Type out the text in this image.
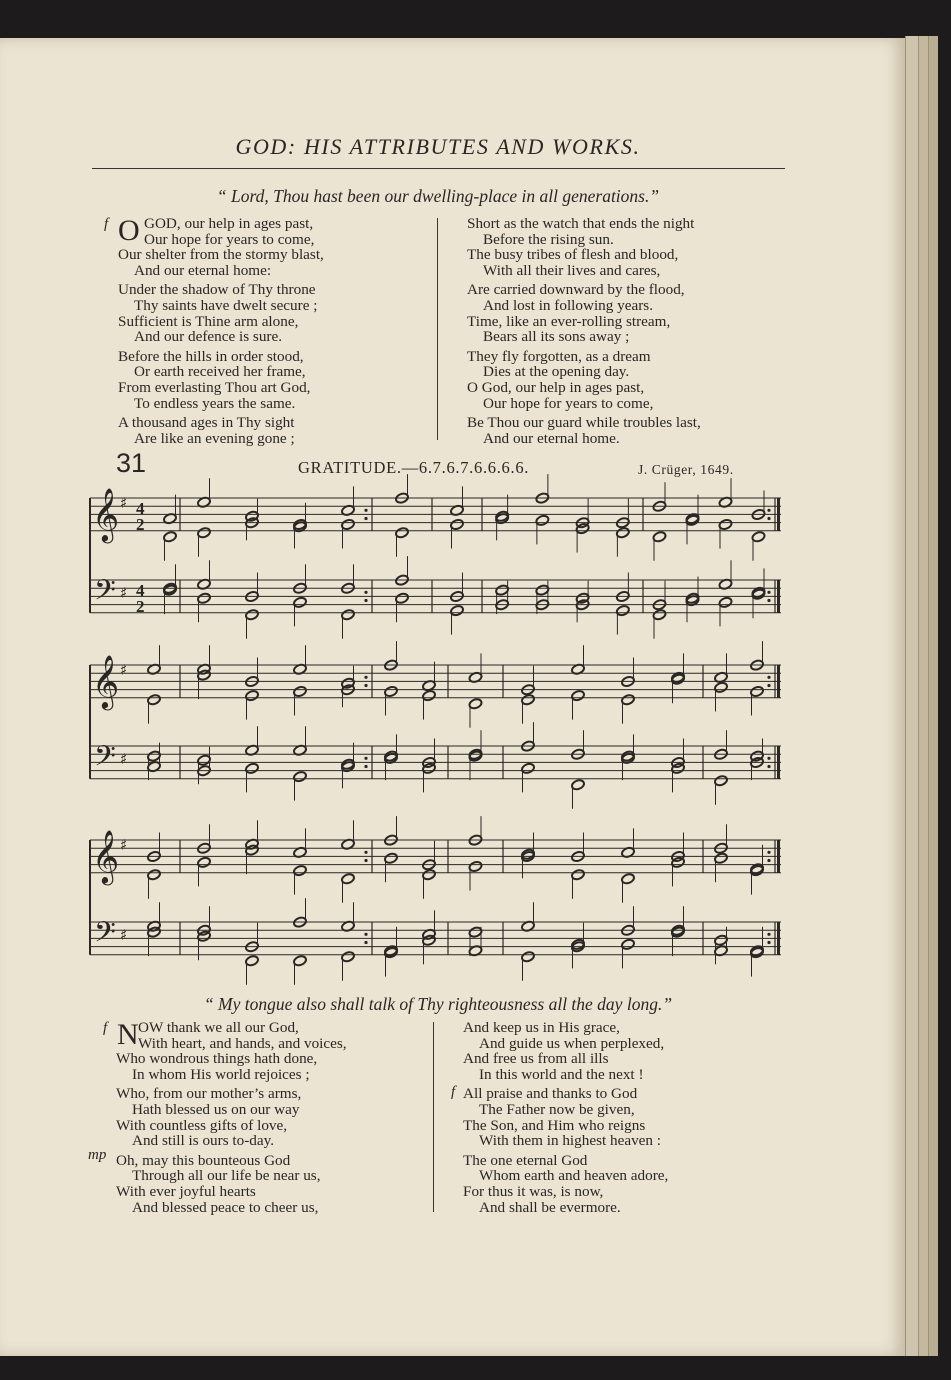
GOD: HIS ATTRIBUTES AND WORKS.
“ Lord, Thou hast been our dwelling-place in all generations.”
f O GOD, our help in ages past,
Our hope for years to come,
Our shelter from the stormy blast,
And our eternal home:
Under the shadow of Thy throne
Thy saints have dwelt secure ;
Sufficient is Thine arm alone,
And our defence is sure.
Before the hills in order stood,
Or earth received her frame,
From everlasting Thou art God,
To endless years the same.
A thousand ages in Thy sight
Are like an evening gone ;
Short as the watch that ends the night
Before the rising sun.
The busy tribes of flesh and blood,
With all their lives and cares,
Are carried downward by the flood,
And lost in following years.
Time, like an ever-rolling stream,
Bears all its sons away ;
They fly forgotten, as a dream
Dies at the opening day.
O God, our help in ages past,
Our hope for years to come,
Be Thou our guard while troubles last,
And our eternal home.
31	GRATITUDE.—6.7.6.7.6.6.6.6.	J. Crüger, 1649.
𝄞
𝄢
♯
♯
4
2
4
2
𝄞
𝄢
♯
♯
𝄞
𝄢
♯
♯
“ My tongue also shall talk of Thy righteousness all the day long.”
f N
mp
OW thank we all our God,
With heart, and hands, and voices,
Who wondrous things hath done,
In whom His world rejoices ;
Who, from our mother’s arms,
Hath blessed us on our way
With countless gifts of love,
And still is ours to-day.
Oh, may this bounteous God
Through all our life be near us,
With ever joyful hearts
And blessed peace to cheer us,
f
And keep us in His grace,
And guide us when perplexed,
And free us from all ills
In this world and the next !
All praise and thanks to God
The Father now be given,
The Son, and Him who reigns
With them in highest heaven :
The one eternal God
Whom earth and heaven adore,
For thus it was, is now,
And shall be evermore.
